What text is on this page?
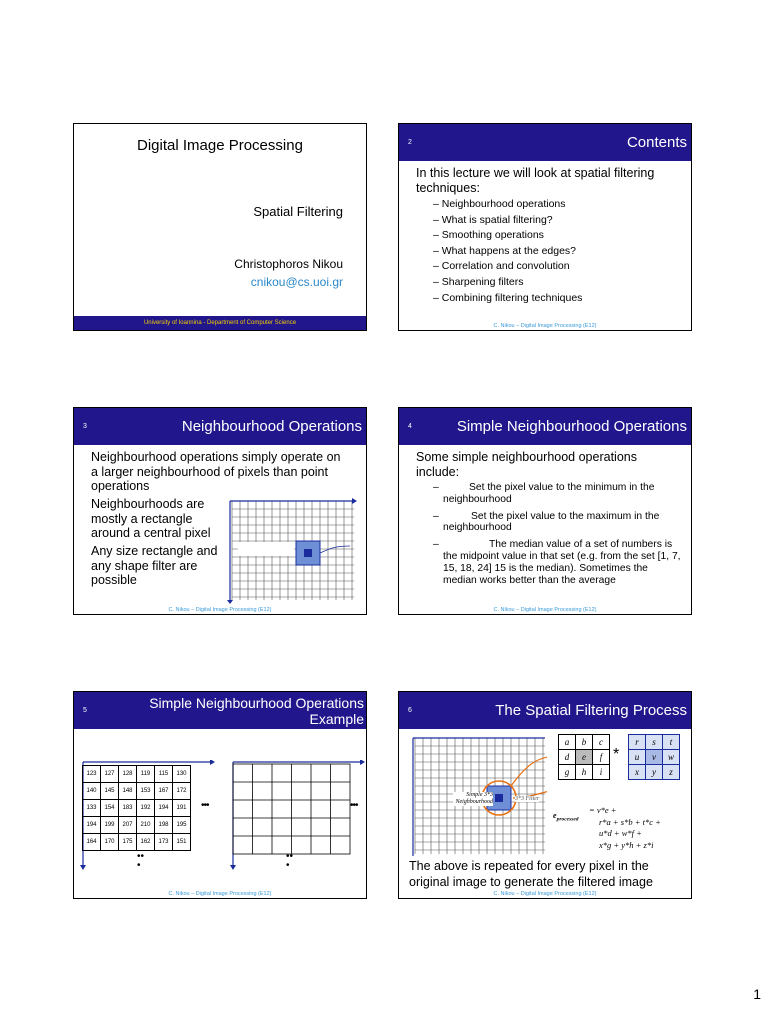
Digital Image Processing
Spatial Filtering
Christophoros Nikou
cnikou@cs.uoi.gr
University of Ioannina - Department of Computer Science
2	Contents
In this lecture we will look at spatial filtering techniques:
– Neighbourhood operations
– What is spatial filtering?
– Smoothing operations
– What happens at the edges?
– Correlation and convolution
– Sharpening filters
– Combining filtering techniques
C. Nikou – Digital Image Processing (E12)
3	Neighbourhood Operations
Neighbourhood operations simply operate on a larger neighbourhood of pixels than point operations
Neighbourhoods are mostly a rectangle around a central pixel
Any size rectangle and any shape filter are possible
C. Nikou – Digital Image Processing (E12)
4	Simple Neighbourhood Operations
Some simple neighbourhood operations include:
–	Set the pixel value to the minimum in the neighbourhood
–	Set the pixel value to the maximum in the neighbourhood
–	The median value of a set of numbers is the midpoint value in that set (e.g. from the set [1, 7, 15, 18, 24] 15 is the median). Sometimes the median works better than the average
C. Nikou – Digital Image Processing (E12)
5	Simple Neighbourhood Operations
Example
123	127	128	119	115	130
140	145	148	153	167	172
133	154	183	192	194	191
194	199	207	210	198	195
164	170	175	162	173	151
•••	•••
•••
•••
C. Nikou – Digital Image Processing (E12)
6	The Spatial Filtering Process
Simple 3*3
Neighbourhood	3*3 Filter
a	b	c
d	e	f
g	h	i
*
r	s	t
u	v	w
x	y	z
$e_{processed}$
= v*e +
r*a + s*b + t*c +
u*d + w*f +
x*g + y*h + z*i
The above is repeated for every pixel in the original image to generate the filtered image
C. Nikou – Digital Image Processing (E12)
1
